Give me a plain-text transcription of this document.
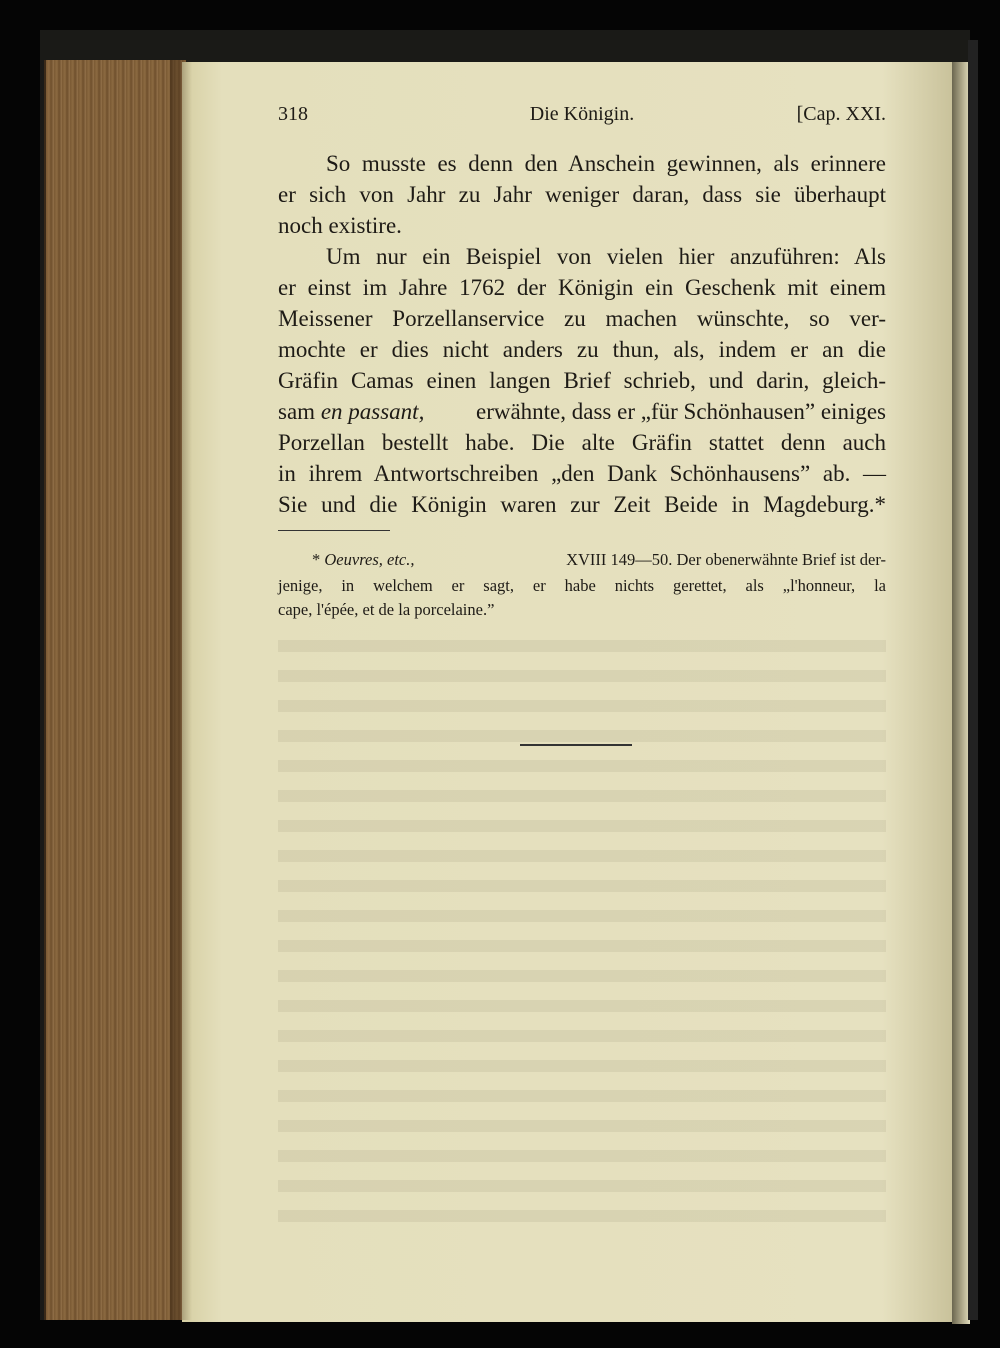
318	Die Königin.	[Cap. XXI.
So musste es denn den Anschein gewinnen, als erinnere
er sich von Jahr zu Jahr weniger daran, dass sie überhaupt
noch existire.
Um nur ein Beispiel von vielen hier anzuführen: Als
er einst im Jahre 1762 der Königin ein Geschenk mit einem
Meissener Porzellanservice zu machen wünschte, so ver-
mochte er dies nicht anders zu thun, als, indem er an die
Gräfin Camas einen langen Brief schrieb, und darin, gleich-
sam en passant, erwähnte, dass er „für Schönhausen” einiges
Porzellan bestellt habe. Die alte Gräfin stattet denn auch
in ihrem Antwortschreiben „den Dank Schönhausens” ab. —
Sie und die Königin waren zur Zeit Beide in Magdeburg.*
* Oeuvres, etc.,	XVIII 149—50. Der obenerwähnte Brief ist der-
jenige, in welchem er sagt, er habe nichts gerettet, als „l'honneur, la
cape, l'épée, et de la porcelaine.”
